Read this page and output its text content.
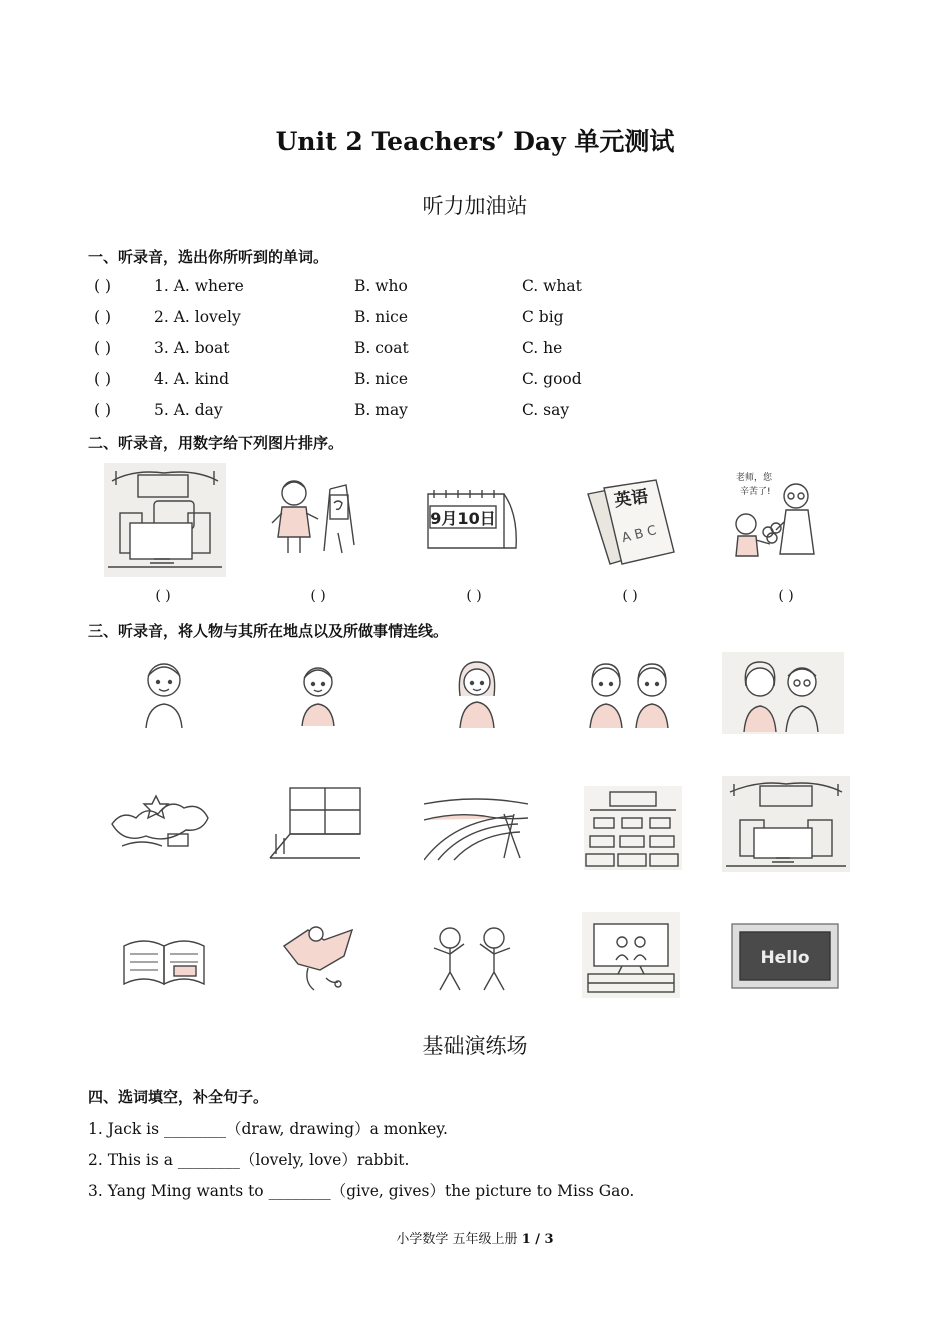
Unit 2 Teachers’ Day 单元测试
听力加油站
一、听录音，选出你所听到的单词。
( )	1. A. where	B. who	C. what
( )	2. A. lovely	B. nice	C big
( )	3. A. boat	B. coat	C. he
( )	4. A. kind	B. nice	C. good
( )	5. A. day	B. may	C. say
二、听录音，用数字给下列图片排序。
9月10日
英语
A B C
老师，您
辛苦了!
( )	( )	( )	( )	( )
三、听录音，将人物与其所在地点以及所做事情连线。
Hello
基础演练场
四、选词填空，补全句子。
1. Jack is ________（draw, drawing）a monkey.
2. This is a ________（lovely, love）rabbit.
3. Yang Ming wants to ________（give, gives）the picture to Miss Gao.
小学数学 五年级上册 1 / 3
